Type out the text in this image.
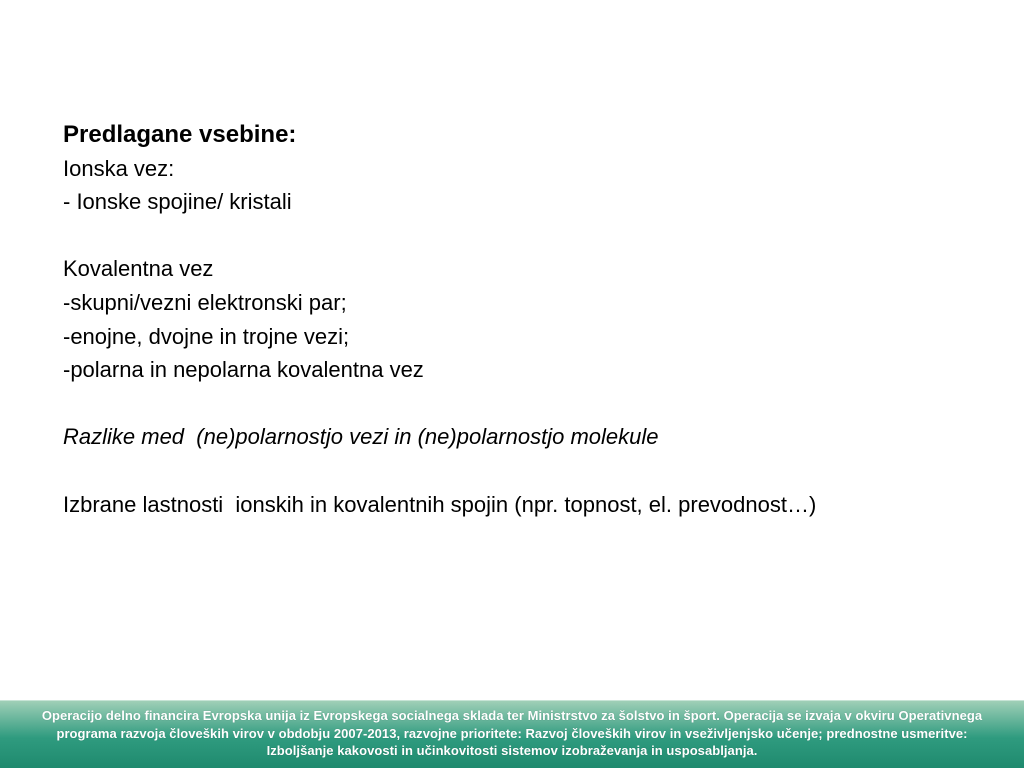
Predlagane vsebine:
Ionska vez:
- Ionske spojine/ kristali
Kovalentna vez
-skupni/vezni elektronski par;
-enojne, dvojne in trojne vezi;
-polarna in nepolarna kovalentna vez
Razlike med  (ne)polarnostjo vezi in (ne)polarnostjo molekule
Izbrane lastnosti  ionskih in kovalentnih spojin (npr. topnost, el. prevodnost…)
Operacijo delno financira Evropska unija iz Evropskega socialnega sklada ter Ministrstvo za šolstvo in šport. Operacija se izvaja v okviru Operativnega programa razvoja človeških virov v obdobju 2007-2013, razvojne prioritete: Razvoj človeških virov in vseživljenjsko učenje; prednostne usmeritve: Izboljšanje kakovosti in učinkovitosti sistemov izobraževanja in usposabljanja.
